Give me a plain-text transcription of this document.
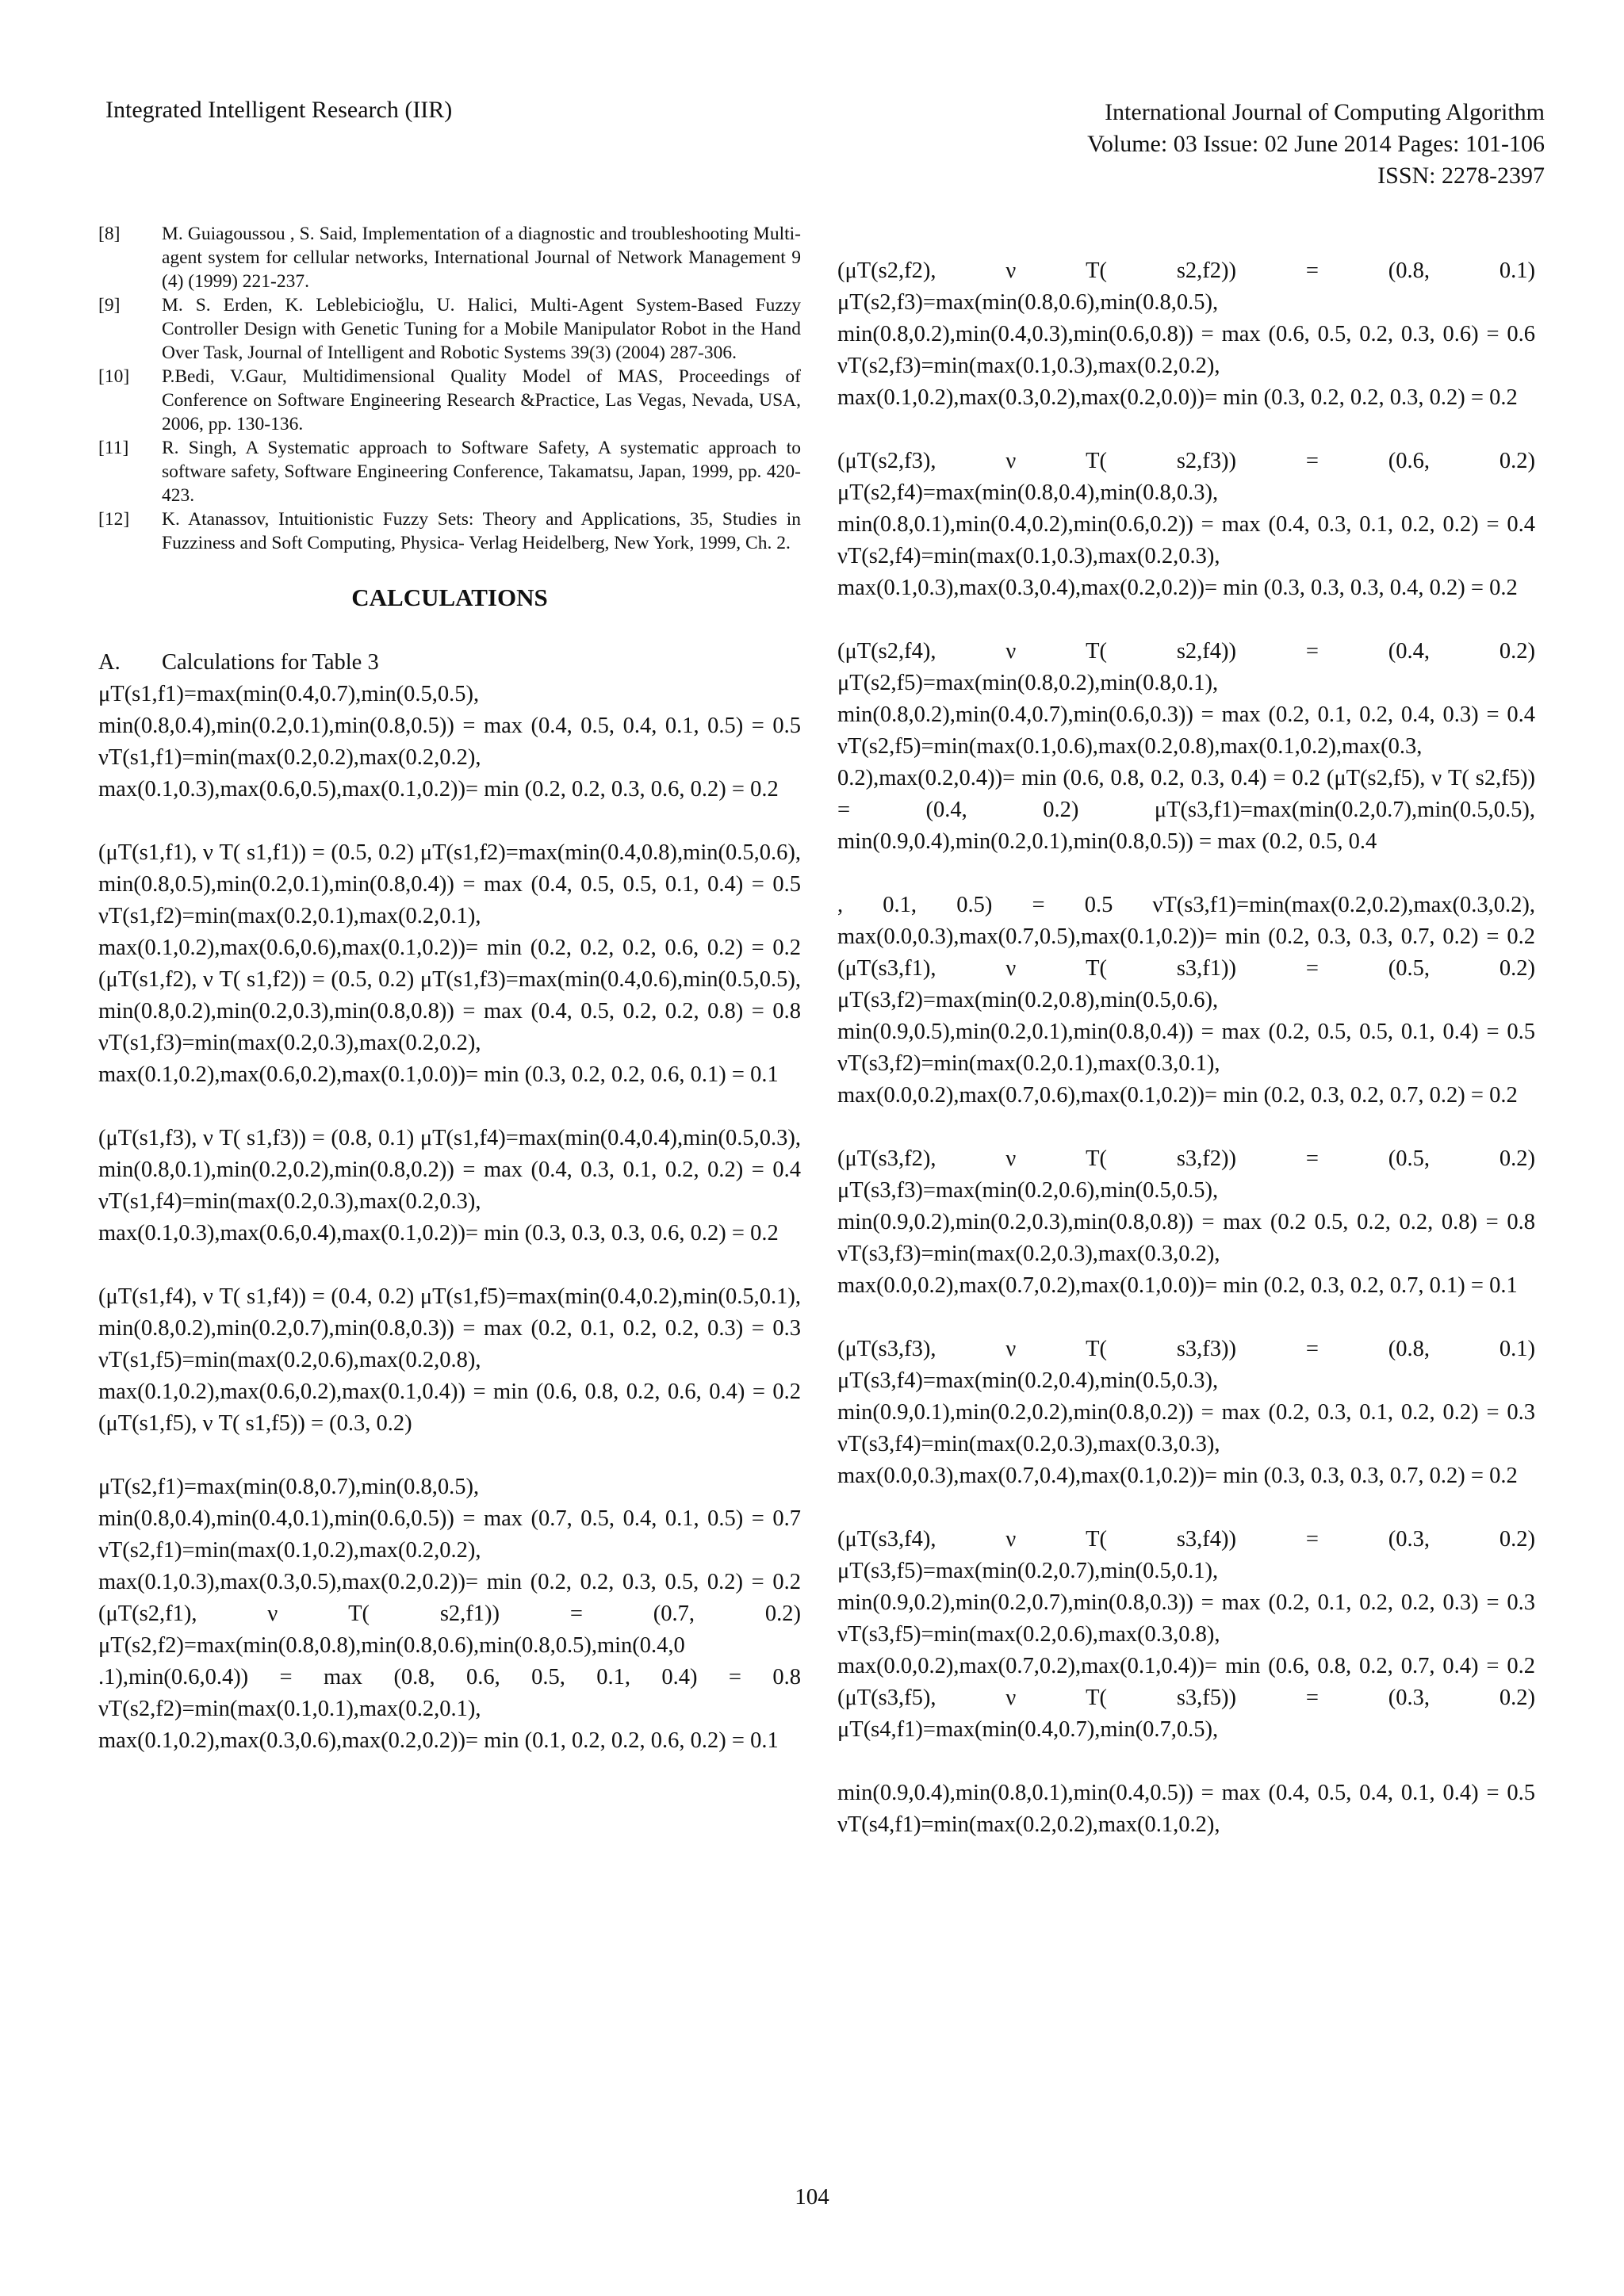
Integrated Intelligent Research (IIR)	International Journal of Computing Algorithm
Volume: 03 Issue: 02 June 2014 Pages: 101-106
ISSN: 2278-2397
[8]	M. Guiagoussou , S. Said, Implementation of a diagnostic and troubleshooting Multi-agent system for cellular networks, International Journal of Network Management 9 (4) (1999) 221-237.
[9]	M. S. Erden, K. Leblebicioğlu, U. Halici, Multi-Agent System-Based Fuzzy Controller Design with Genetic Tuning for a Mobile Manipulator Robot in the Hand Over Task, Journal of Intelligent and Robotic Systems 39(3) (2004) 287-306.
[10]	P.Bedi, V.Gaur, Multidimensional Quality Model of MAS, Proceedings of Conference on Software Engineering Research &Practice, Las Vegas, Nevada, USA, 2006, pp. 130-136.
[11]	R. Singh, A Systematic approach to Software Safety, A systematic approach to software safety, Software Engineering Conference, Takamatsu, Japan, 1999, pp. 420-423.
[12]	K. Atanassov, Intuitionistic Fuzzy Sets: Theory and Applications, 35, Studies in Fuzziness and Soft Computing, Physica- Verlag Heidelberg, New York, 1999, Ch. 2.
CALCULATIONS
A.	Calculations for Table 3
μT(s1,f1)=max(min(0.4,0.7),min(0.5,0.5), min(0.8,0.4),min(0.2,0.1),min(0.8,0.5)) = max (0.4, 0.5, 0.4, 0.1, 0.5) = 0.5 νT(s1,f1)=min(max(0.2,0.2),max(0.2,0.2), max(0.1,0.3),max(0.6,0.5),max(0.1,0.2))= min (0.2, 0.2, 0.3, 0.6, 0.2) = 0.2
(μT(s1,f1), ν T( s1,f1)) = (0.5, 0.2) μT(s1,f2)=max(min(0.4,0.8),min(0.5,0.6), min(0.8,0.5),min(0.2,0.1),min(0.8,0.4)) = max (0.4, 0.5, 0.5, 0.1, 0.4) = 0.5 νT(s1,f2)=min(max(0.2,0.1),max(0.2,0.1), max(0.1,0.2),max(0.6,0.6),max(0.1,0.2))= min (0.2, 0.2, 0.2, 0.6, 0.2) = 0.2 (μT(s1,f2), ν T( s1,f2)) = (0.5, 0.2) μT(s1,f3)=max(min(0.4,0.6),min(0.5,0.5), min(0.8,0.2),min(0.2,0.3),min(0.8,0.8)) = max (0.4, 0.5, 0.2, 0.2, 0.8) = 0.8 νT(s1,f3)=min(max(0.2,0.3),max(0.2,0.2), max(0.1,0.2),max(0.6,0.2),max(0.1,0.0))= min (0.3, 0.2, 0.2, 0.6, 0.1) = 0.1
(μT(s1,f3), ν T( s1,f3)) = (0.8, 0.1) μT(s1,f4)=max(min(0.4,0.4),min(0.5,0.3), min(0.8,0.1),min(0.2,0.2),min(0.8,0.2)) = max (0.4, 0.3, 0.1, 0.2, 0.2) = 0.4 νT(s1,f4)=min(max(0.2,0.3),max(0.2,0.3), max(0.1,0.3),max(0.6,0.4),max(0.1,0.2))= min (0.3, 0.3, 0.3, 0.6, 0.2) = 0.2
(μT(s1,f4), ν T( s1,f4)) = (0.4, 0.2) μT(s1,f5)=max(min(0.4,0.2),min(0.5,0.1), min(0.8,0.2),min(0.2,0.7),min(0.8,0.3)) = max (0.2, 0.1, 0.2, 0.2, 0.3) = 0.3 νT(s1,f5)=min(max(0.2,0.6),max(0.2,0.8), max(0.1,0.2),max(0.6,0.2),max(0.1,0.4)) = min (0.6, 0.8, 0.2, 0.6, 0.4) = 0.2 (μT(s1,f5), ν T( s1,f5)) = (0.3, 0.2)
μT(s2,f1)=max(min(0.8,0.7),min(0.8,0.5), min(0.8,0.4),min(0.4,0.1),min(0.6,0.5)) = max (0.7, 0.5, 0.4, 0.1, 0.5) = 0.7 νT(s2,f1)=min(max(0.1,0.2),max(0.2,0.2), max(0.1,0.3),max(0.3,0.5),max(0.2,0.2))= min (0.2, 0.2, 0.3, 0.5, 0.2) = 0.2 (μT(s2,f1), ν T( s2,f1)) = (0.7, 0.2) μT(s2,f2)=max(min(0.8,0.8),min(0.8,0.6),min(0.8,0.5),min(0.4,0 .1),min(0.6,0.4)) = max (0.8, 0.6, 0.5, 0.1, 0.4) = 0.8 νT(s2,f2)=min(max(0.1,0.1),max(0.2,0.1), max(0.1,0.2),max(0.3,0.6),max(0.2,0.2))= min (0.1, 0.2, 0.2, 0.6, 0.2) = 0.1
(μT(s2,f2), ν T( s2,f2)) = (0.8, 0.1) μT(s2,f3)=max(min(0.8,0.6),min(0.8,0.5), min(0.8,0.2),min(0.4,0.3),min(0.6,0.8)) = max (0.6, 0.5, 0.2, 0.3, 0.6) = 0.6 νT(s2,f3)=min(max(0.1,0.3),max(0.2,0.2), max(0.1,0.2),max(0.3,0.2),max(0.2,0.0))= min (0.3, 0.2, 0.2, 0.3, 0.2) = 0.2
(μT(s2,f3), ν T( s2,f3)) = (0.6, 0.2) μT(s2,f4)=max(min(0.8,0.4),min(0.8,0.3), min(0.8,0.1),min(0.4,0.2),min(0.6,0.2)) = max (0.4, 0.3, 0.1, 0.2, 0.2) = 0.4 νT(s2,f4)=min(max(0.1,0.3),max(0.2,0.3), max(0.1,0.3),max(0.3,0.4),max(0.2,0.2))= min (0.3, 0.3, 0.3, 0.4, 0.2) = 0.2
(μT(s2,f4), ν T( s2,f4)) = (0.4, 0.2) μT(s2,f5)=max(min(0.8,0.2),min(0.8,0.1), min(0.8,0.2),min(0.4,0.7),min(0.6,0.3)) = max (0.2, 0.1, 0.2, 0.4, 0.3) = 0.4 νT(s2,f5)=min(max(0.1,0.6),max(0.2,0.8),max(0.1,0.2),max(0.3, 0.2),max(0.2,0.4))= min (0.6, 0.8, 0.2, 0.3, 0.4) = 0.2 (μT(s2,f5), ν T( s2,f5)) = (0.4, 0.2) μT(s3,f1)=max(min(0.2,0.7),min(0.5,0.5), min(0.9,0.4),min(0.2,0.1),min(0.8,0.5)) = max (0.2, 0.5, 0.4
, 0.1, 0.5) = 0.5 νT(s3,f1)=min(max(0.2,0.2),max(0.3,0.2), max(0.0,0.3),max(0.7,0.5),max(0.1,0.2))= min (0.2, 0.3, 0.3, 0.7, 0.2) = 0.2 (μT(s3,f1), ν T( s3,f1)) = (0.5, 0.2) μT(s3,f2)=max(min(0.2,0.8),min(0.5,0.6), min(0.9,0.5),min(0.2,0.1),min(0.8,0.4)) = max (0.2, 0.5, 0.5, 0.1, 0.4) = 0.5 νT(s3,f2)=min(max(0.2,0.1),max(0.3,0.1), max(0.0,0.2),max(0.7,0.6),max(0.1,0.2))= min (0.2, 0.3, 0.2, 0.7, 0.2) = 0.2
(μT(s3,f2), ν T( s3,f2)) = (0.5, 0.2) μT(s3,f3)=max(min(0.2,0.6),min(0.5,0.5), min(0.9,0.2),min(0.2,0.3),min(0.8,0.8)) = max (0.2 0.5, 0.2, 0.2, 0.8) = 0.8 νT(s3,f3)=min(max(0.2,0.3),max(0.3,0.2), max(0.0,0.2),max(0.7,0.2),max(0.1,0.0))= min (0.2, 0.3, 0.2, 0.7, 0.1) = 0.1
(μT(s3,f3), ν T( s3,f3)) = (0.8, 0.1) μT(s3,f4)=max(min(0.2,0.4),min(0.5,0.3), min(0.9,0.1),min(0.2,0.2),min(0.8,0.2)) = max (0.2, 0.3, 0.1, 0.2, 0.2) = 0.3 νT(s3,f4)=min(max(0.2,0.3),max(0.3,0.3), max(0.0,0.3),max(0.7,0.4),max(0.1,0.2))= min (0.3, 0.3, 0.3, 0.7, 0.2) = 0.2
(μT(s3,f4), ν T( s3,f4)) = (0.3, 0.2) μT(s3,f5)=max(min(0.2,0.7),min(0.5,0.1), min(0.9,0.2),min(0.2,0.7),min(0.8,0.3)) = max (0.2, 0.1, 0.2, 0.2, 0.3) = 0.3 νT(s3,f5)=min(max(0.2,0.6),max(0.3,0.8), max(0.0,0.2),max(0.7,0.2),max(0.1,0.4))= min (0.6, 0.8, 0.2, 0.7, 0.4) = 0.2 (μT(s3,f5), ν T( s3,f5)) = (0.3, 0.2) μT(s4,f1)=max(min(0.4,0.7),min(0.7,0.5),
min(0.9,0.4),min(0.8,0.1),min(0.4,0.5)) = max (0.4, 0.5, 0.4, 0.1, 0.4) = 0.5 νT(s4,f1)=min(max(0.2,0.2),max(0.1,0.2),
104
